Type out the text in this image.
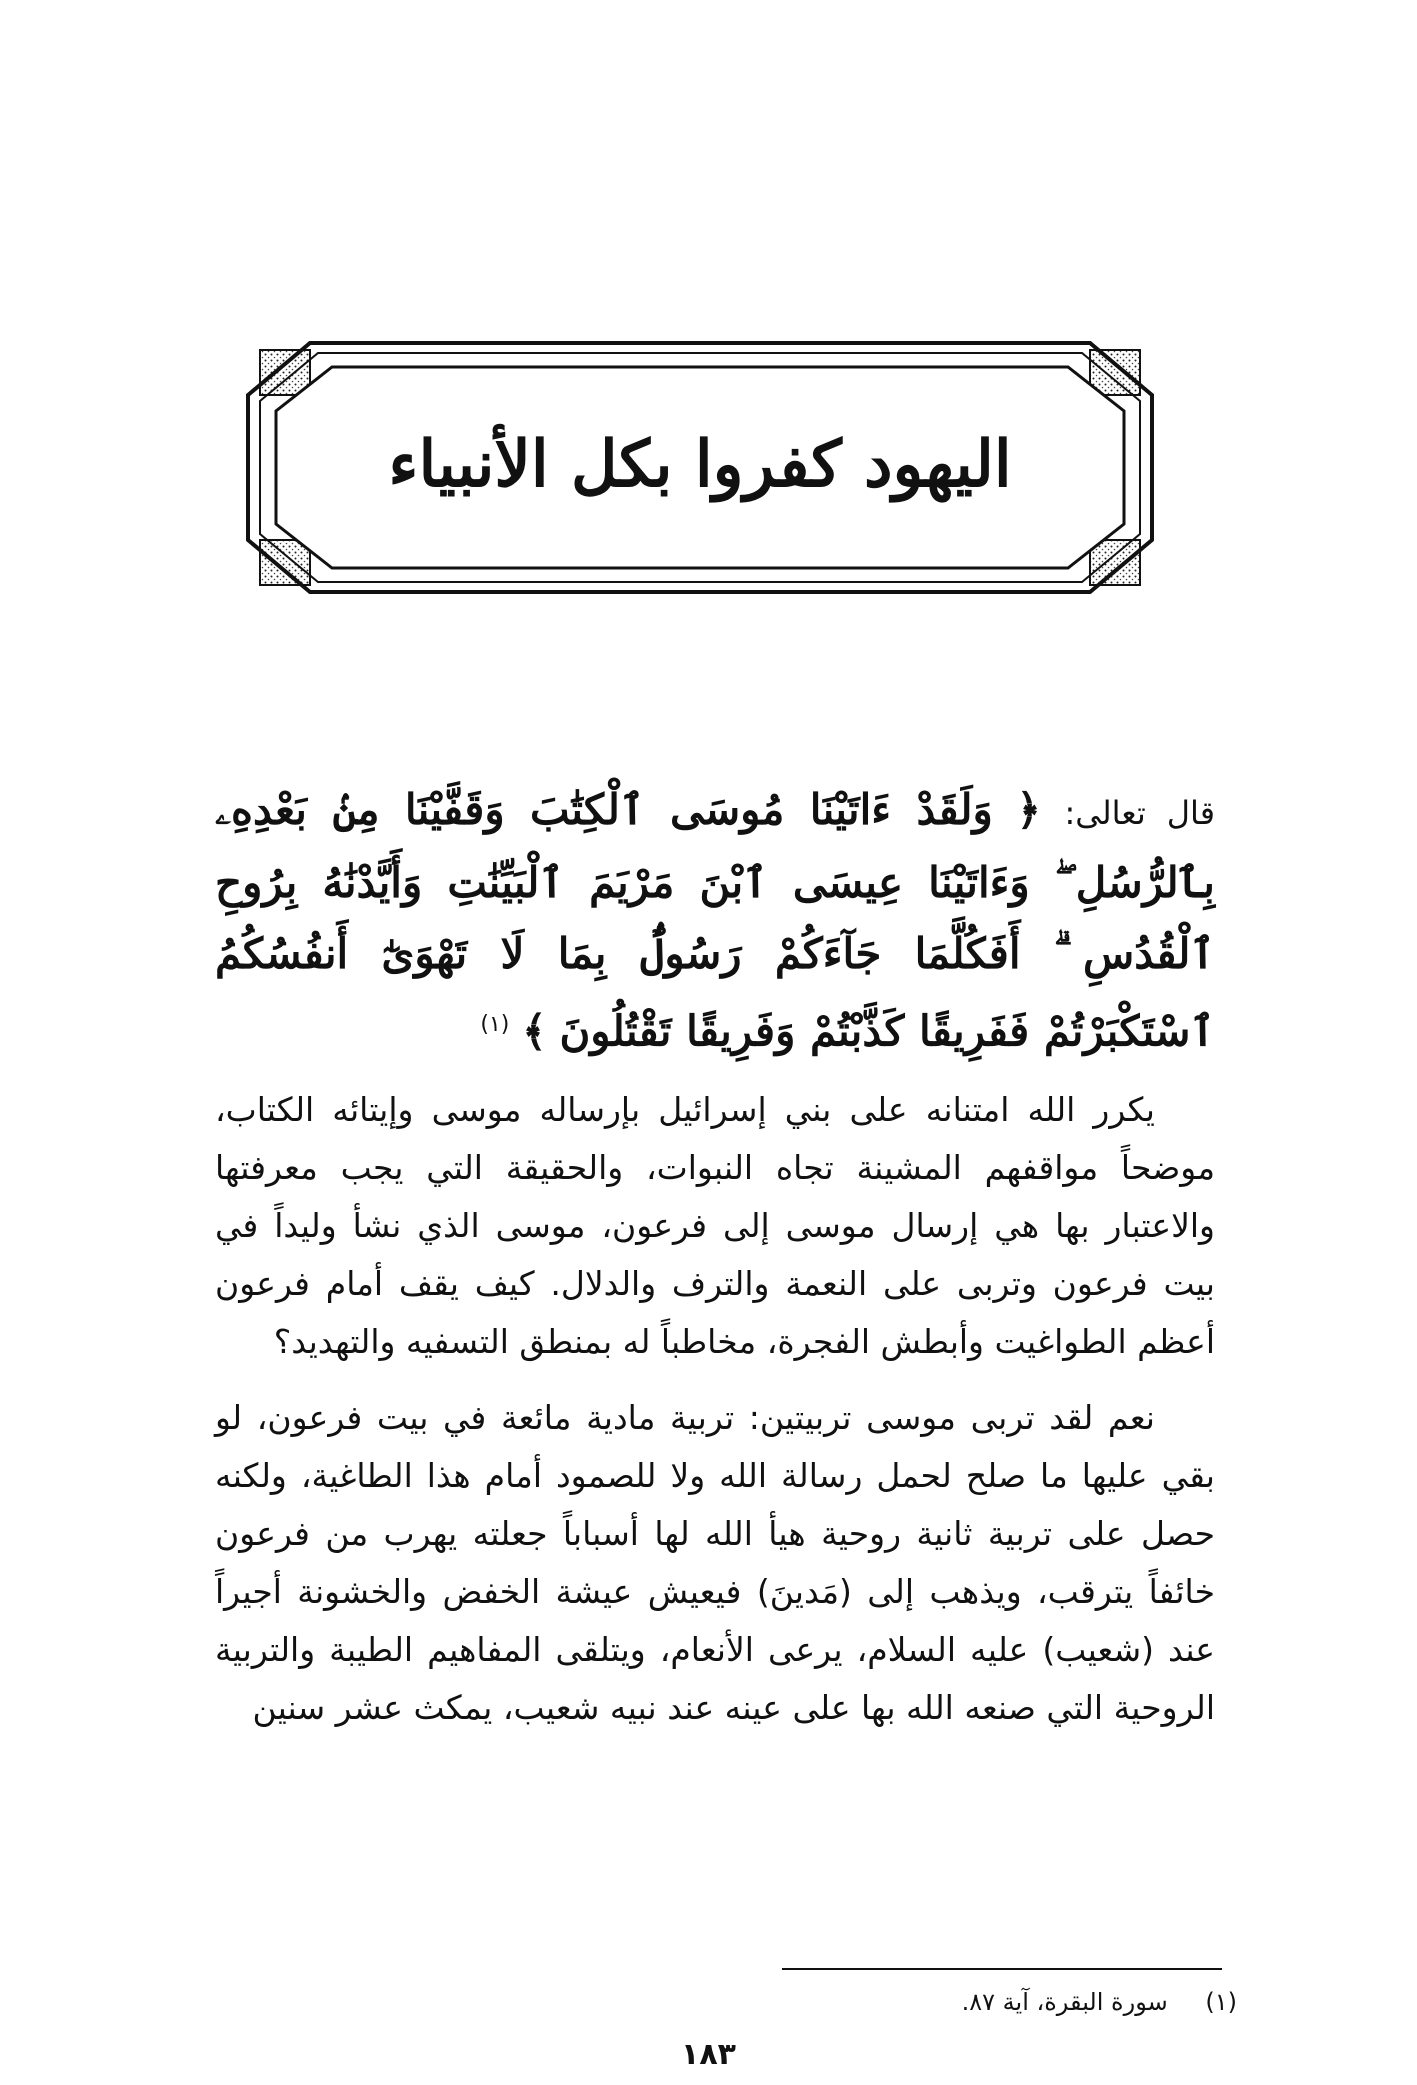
اليهود كفروا بكل الأنبياء

قال تعالى: ﴿ وَلَقَدْ ءَاتَيْنَا مُوسَى ٱلْكِتَٰبَ وَقَفَّيْنَا مِنۢ بَعْدِهِۦ بِٱلرُّسُلِ ۖ وَءَاتَيْنَا عِيسَى ٱبْنَ مَرْيَمَ ٱلْبَيِّنَٰتِ وَأَيَّدْنَٰهُ بِرُوحِ ٱلْقُدُسِ ۗ أَفَكُلَّمَا جَآءَكُمْ رَسُولٌۢ بِمَا لَا تَهْوَىٰٓ أَنفُسُكُمُ ٱسْتَكْبَرْتُمْ فَفَرِيقًا كَذَّبْتُمْ وَفَرِيقًا تَقْتُلُونَ ﴾ $^{(١)}$

يكرر الله امتنانه على بني إسرائيل بإرساله موسى وإيتائه الكتاب، موضحاً مواقفهم المشينة تجاه النبوات، والحقيقة التي يجب معرفتها والاعتبار بها هي إرسال موسى إلى فرعون، موسى الذي نشأ وليداً في بيت فرعون وتربى على النعمة والترف والدلال. كيف يقف أمام فرعون أعظم الطواغيت وأبطش الفجرة، مخاطباً له بمنطق التسفيه والتهديد؟

نعم لقد تربى موسى تربيتين: تربية مادية مائعة في بيت فرعون، لو بقي عليها ما صلح لحمل رسالة الله ولا للصمود أمام هذا الطاغية، ولكنه حصل على تربية ثانية روحية هيأ الله لها أسباباً جعلته يهرب من فرعون خائفاً يترقب، ويذهب إلى (مَدينَ) فيعيش عيشة الخفض والخشونة أجيراً عند (شعيب) عليه السلام، يرعى الأنعام، ويتلقى المفاهيم الطيبة والتربية الروحية التي صنعه الله بها على عينه عند نبيه شعيب، يمكث عشر سنين

(١) سورة البقرة، آية ٨٧.
١٨٣
